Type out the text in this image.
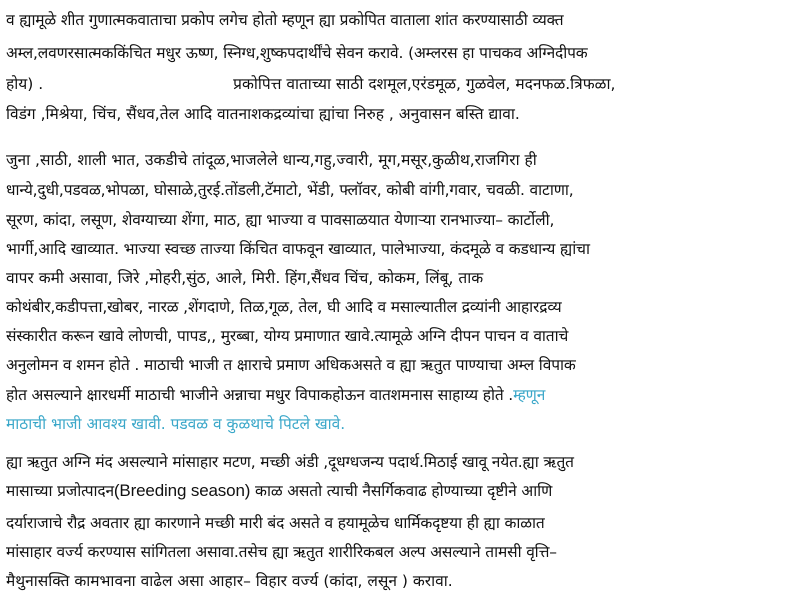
व ह्यामूळे शीत गुणात्मकवाताचा प्रकोप लगेच होतो म्हणून ह्या प्रकोपित वाताला शांत करण्यासाठी व्यक्त
अम्ल,लवणरसात्मककिंचित मधुर ऊष्ण, स्निग्ध,शुष्कपदार्थींचे सेवन करावे. (अम्लरस हा पाचकव अग्निदीपक
होय) .	प्रकोपित्त वाताच्या साठी दशमूल,एरंडमूळ, गुळवेल, मदनफळ.त्रिफळा,
विडंग ,मिश्रेया, चिंच, सैंधव,तेल आदि वातनाशकद्रव्यांचा ह्यांचा निरुह , अनुवासन बस्ति द्यावा.
जुना ,साठी, शाली भात, उकडीचे तांदूळ,भाजलेले धान्य,गहु,ज्वारी, मूग,मसूर,कुळीथ,राजगिरा ही
धान्ये,दुधी,पडवळ,भोपळा, घोसाळे,तुरई.तोंडली,टॅमाटो, भेंडी, फ्लॉवर, कोबी वांगी,गवार, चवळी. वाटाणा,
सूरण, कांदा, लसूण, शेवग्याच्या शेंगा, माठ, ह्या भाज्या व पावसाळयात येणाऱ्या रानभाज्या– कार्टोली,
भार्गी,आदि खाव्यात. भाज्या स्वच्छ ताज्या किंचित वाफवून खाव्यात, पालेभाज्या, कंदमूळे व कडधान्य ह्यांचा
वापर कमी असावा, जिरे ,मोहरी,सुंठ, आले, मिरी. हिंग,सैंधव चिंच, कोकम, लिंबू, ताक
कोथंबीर,कडीपत्ता,खोबर, नारळ ,शेंगदाणे, तिळ,गूळ, तेल, घी आदि व मसाल्यातील द्रव्यांनी आहारद्रव्य
संस्कारीत करून खावे लोणची, पापड,, मुरब्बा, योग्य प्रमाणात खावे.त्यामूळे अग्नि दीपन पाचन व वाताचे
अनुलोमन व शमन होते . माठाची भाजी त क्षाराचे प्रमाण अधिकअसते व ह्या ऋतुत पाण्याचा अम्ल विपाक
होत असल्याने क्षारधर्मी माठाची भाजीने अन्नाचा मधुर विपाकहोऊन वातशमनास साहाय्य होते .म्हणून
माठाची भाजी आवश्य खावी. पडवळ व कुळथाचे पिटले खावे.
ह्या ऋतुत अग्नि मंद असल्याने मांसाहार मटण, मच्छी अंडी ,दूधग्धजन्य पदार्थ.मिठाई खावू नयेत.ह्या ऋतुत
मासाच्या प्रजोत्पादन(Breeding season) काळ असतो त्याची नैसर्गिकवाढ होण्याच्या दृष्टीने आणि
दर्याराजाचे रौद्र अवतार ह्या कारणाने मच्छी मारी बंद असते व हयामूळेच धार्मिकदृष्टया ही ह्या काळात
मांसाहार वर्ज्य करण्यास सांगितला असावा.तसेच ह्या ऋतुत शारीरिकबल अल्प असल्याने तामसी वृत्ति–
मैथुनासक्ति कामभावना वाढेल असा आहार– विहार वर्ज्य (कांदा, लसून ) करावा.
